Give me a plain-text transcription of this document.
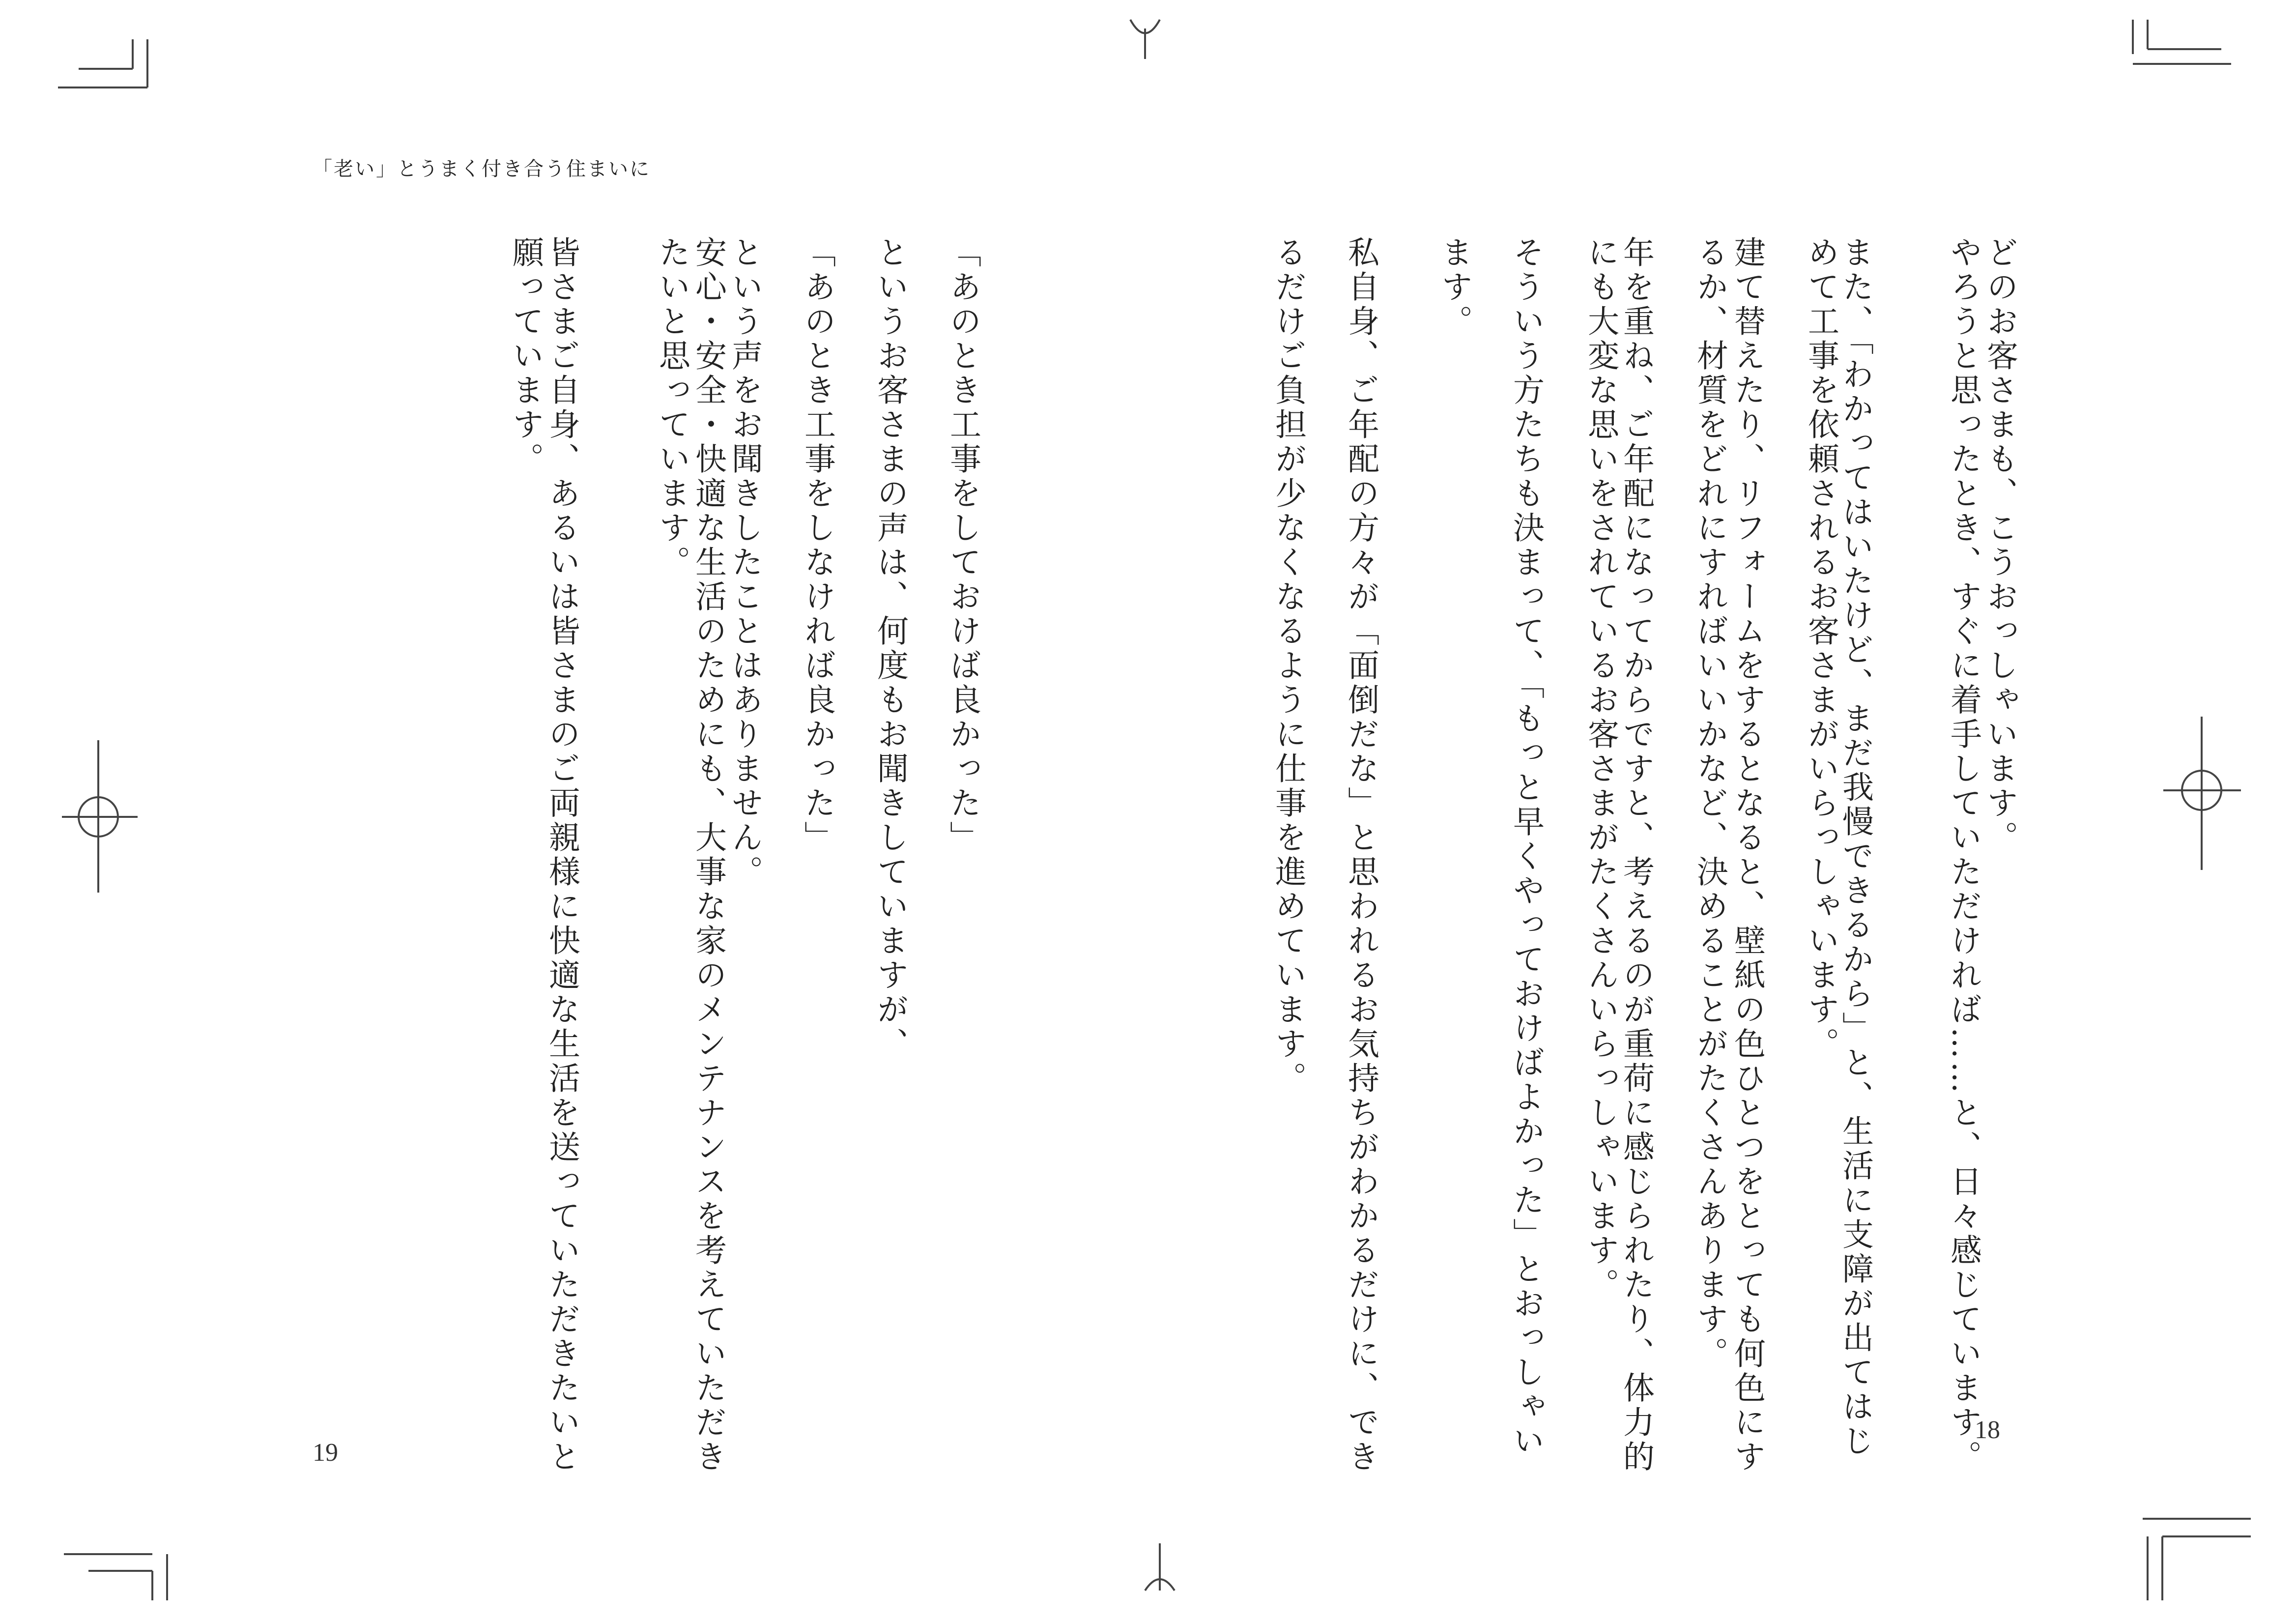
「老い」とうまく付き合う住まいに
18
19
どのお客さまも、こうおっしゃいます。
やろうと思ったとき、すぐに着手していただければ……と、日々感じています。
また、「わかってはいたけど、まだ我慢できるから」と、生活に支障が出てはじ
めて工事を依頼されるお客さまがいらっしゃいます。
建て替えたり、リフォームをするとなると、壁紙の色ひとつをとっても何色にす
るか、材質をどれにすればいいかなど、決めることがたくさんあります。
年を重ね、ご年配になってからですと、考えるのが重荷に感じられたり、体力的
にも大変な思いをされているお客さまがたくさんいらっしゃいます。
そういう方たちも決まって、「もっと早くやっておけばよかった」とおっしゃい
ます。
私自身、ご年配の方々が「面倒だな」と思われるお気持ちがわかるだけに、でき
るだけご負担が少なくなるように仕事を進めています。
「あのとき工事をしておけば良かった」
というお客さまの声は、何度もお聞きしていますが、
「あのとき工事をしなければ良かった」
という声をお聞きしたことはありません。
安心・安全・快適な生活のためにも、大事な家のメンテナンスを考えていただき
たいと思っています。
皆さまご自身、あるいは皆さまのご両親様に快適な生活を送っていただきたいと
願っています。
